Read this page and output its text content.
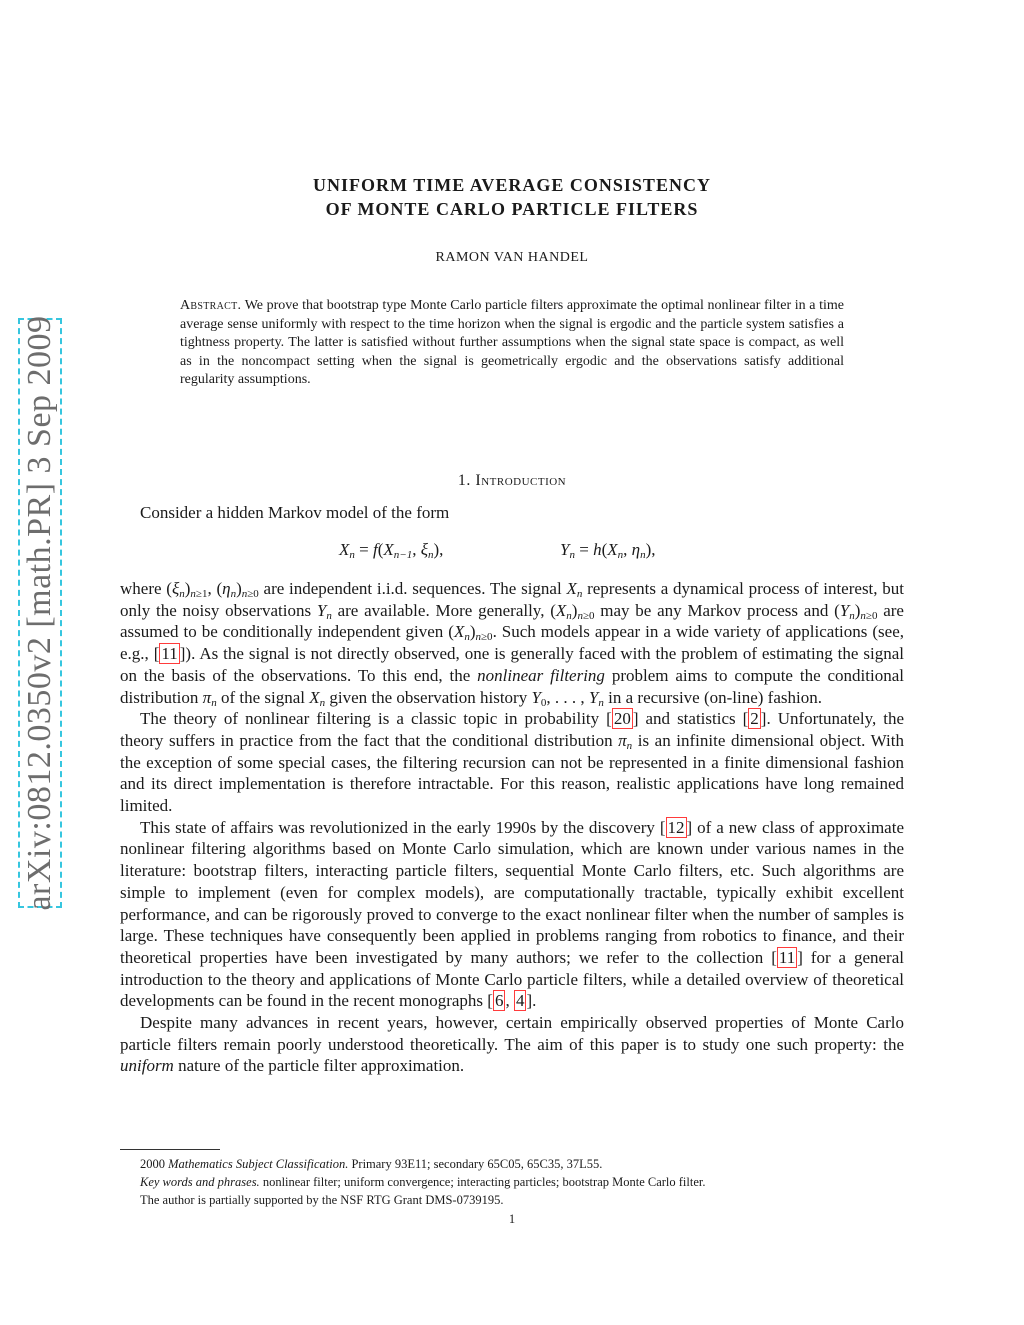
arXiv:0812.0350v2 [math.PR] 3 Sep 2009
UNIFORM TIME AVERAGE CONSISTENCY
OF MONTE CARLO PARTICLE FILTERS
RAMON VAN HANDEL
Abstract. We prove that bootstrap type Monte Carlo particle filters approximate the optimal nonlinear filter in a time average sense uniformly with respect to the time horizon when the signal is ergodic and the particle system satisfies a tightness property. The latter is satisfied without further assumptions when the signal state space is compact, as well as in the noncompact setting when the signal is geometrically ergodic and the observations satisfy additional regularity assumptions.
1. Introduction
Consider a hidden Markov model of the form
$X_n = f(X_{n-1}$, $\xi_n$),	$Y_n = h(X_n$, $\eta_n$),

where $(\xi_n)_{n\ge 1}$, $(\eta_n)_{n\ge 0}$ are independent i.i.d. sequences. The signal $X_n$ represents a dynamical process of interest, but only the noisy observations $Y_n$ are available. More generally, $(X_n)_{n\ge 0}$ may be any Markov process and $(Y_n)_{n\ge 0}$ are assumed to be conditionally independent given $(X_n)_{n\ge 0}$. Such models appear in a wide variety of applications (see, e.g., [ 11 ]). As the signal is not directly observed, one is generally faced with the problem of estimating the signal on the basis of the observations. To this end, the nonlinear filtering problem aims to compute the conditional distribution $\pi_n$ of the signal $X_n$ given the observation history $Y_0$, . . . , $Y_n$ in a recursive (on-line) fashion.

The theory of nonlinear filtering is a classic topic in probability [ 20 ] and statistics [ 2 ]. Unfortunately, the theory suffers in practice from the fact that the conditional distribution $\pi_n$ is an infinite dimensional object. With the exception of some special cases, the filtering recursion can not be represented in a finite dimensional fashion and its direct implementation is therefore intractable. For this reason, realistic applications have long remained limited.

This state of affairs was revolutionized in the early 1990s by the discovery [ 12 ] of a new class of approximate nonlinear filtering algorithms based on Monte Carlo simulation, which are known under various names in the literature: bootstrap filters, interacting particle filters, sequential Monte Carlo filters, etc. Such algorithms are simple to implement (even for complex models), are computationally tractable, typically exhibit excellent performance, and can be rigorously proved to converge to the exact nonlinear filter when the number of samples is large. These techniques have consequently been applied in problems ranging from robotics to finance, and their theoretical properties have been investigated by many authors; we refer to the collection [ 11 ] for a general introduction to the theory and applications of Monte Carlo particle filters, while a detailed overview of theoretical developments can be found in the recent monographs [ 6 , 4 ].

Despite many advances in recent years, however, certain empirically observed properties of Monte Carlo particle filters remain poorly understood theoretically. The aim of this paper is to study one such property: the uniform nature of the particle filter approximation.

2000 Mathematics Subject Classification. Primary 93E11; secondary 65C05, 65C35, 37L55.
Key words and phrases. nonlinear filter; uniform convergence; interacting particles; bootstrap Monte Carlo filter.
The author is partially supported by the NSF RTG Grant DMS-0739195.
1
